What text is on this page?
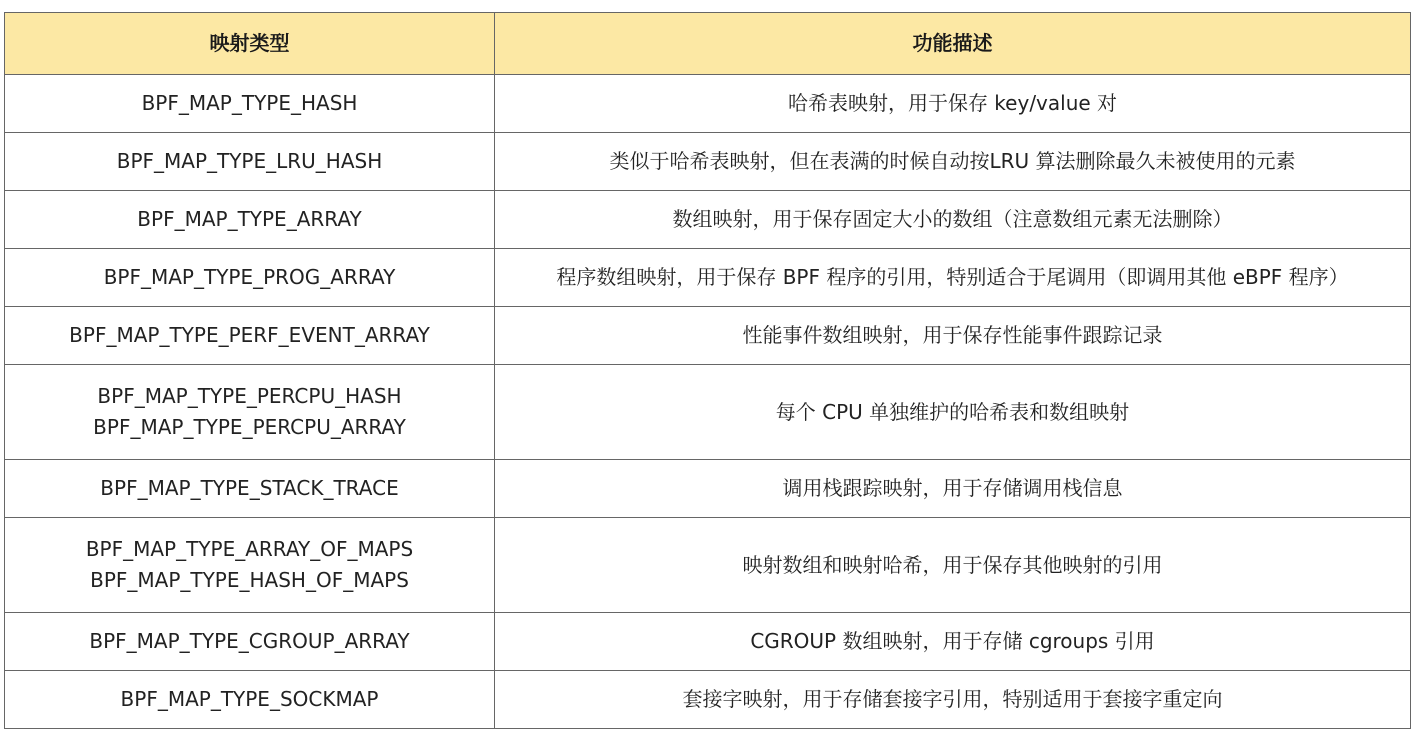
映射类型	功能描述

BPF_MAP_TYPE_HASH	哈希表映射，用于保存 key/value 对

BPF_MAP_TYPE_LRU_HASH	类似于哈希表映射，但在表满的时候自动按LRU 算法删除最久未被使用的元素

BPF_MAP_TYPE_ARRAY	数组映射，用于保存固定大小的数组（注意数组元素无法删除）

BPF_MAP_TYPE_PROG_ARRAY	程序数组映射，用于保存 BPF 程序的引用，特别适合于尾调用（即调用其他 eBPF 程序）

BPF_MAP_TYPE_PERF_EVENT_ARRAY	性能事件数组映射，用于保存性能事件跟踪记录

BPF_MAP_TYPE_PERCPU_HASH
BPF_MAP_TYPE_PERCPU_ARRAY	每个 CPU 单独维护的哈希表和数组映射

BPF_MAP_TYPE_STACK_TRACE	调用栈跟踪映射，用于存储调用栈信息

BPF_MAP_TYPE_ARRAY_OF_MAPS
BPF_MAP_TYPE_HASH_OF_MAPS	映射数组和映射哈希，用于保存其他映射的引用

BPF_MAP_TYPE_CGROUP_ARRAY	CGROUP 数组映射，用于存储 cgroups 引用

BPF_MAP_TYPE_SOCKMAP	套接字映射，用于存储套接字引用，特别适用于套接字重定向
